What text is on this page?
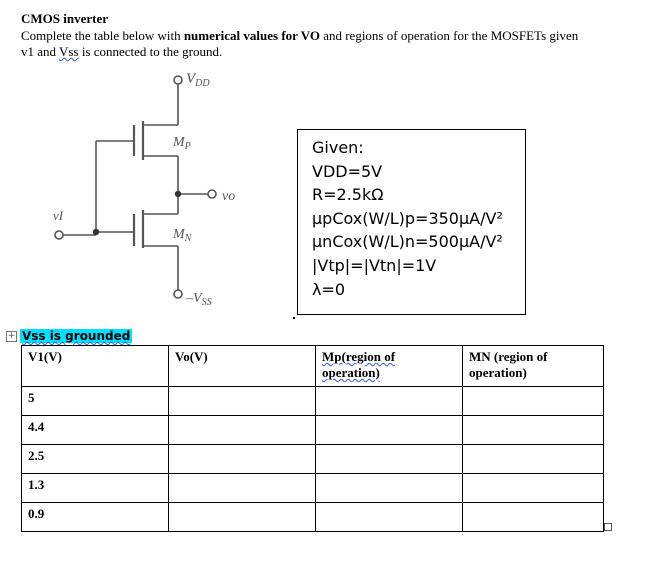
CMOS inverter
Complete the table below with numerical values for VO and regions of operation for the MOSFETs given v1 and Vss is connected to the ground.
$V_{DD}$
$M_P$
$M_N$
vo
vI
$-V_{SS}$
Given:
VDD=5V
R=2.5kΩ
μpCox(W/L)p=350μA/V²
μnCox(W/L)n=500μA/V²
|Vtp|=|Vtn|=1V
λ=0
+ Vss is grounded
V1(V)	Vo(V)	Mp(region of operation)	MN (region of operation)
5			
4.4			
2.5			
1.3			
0.9			
